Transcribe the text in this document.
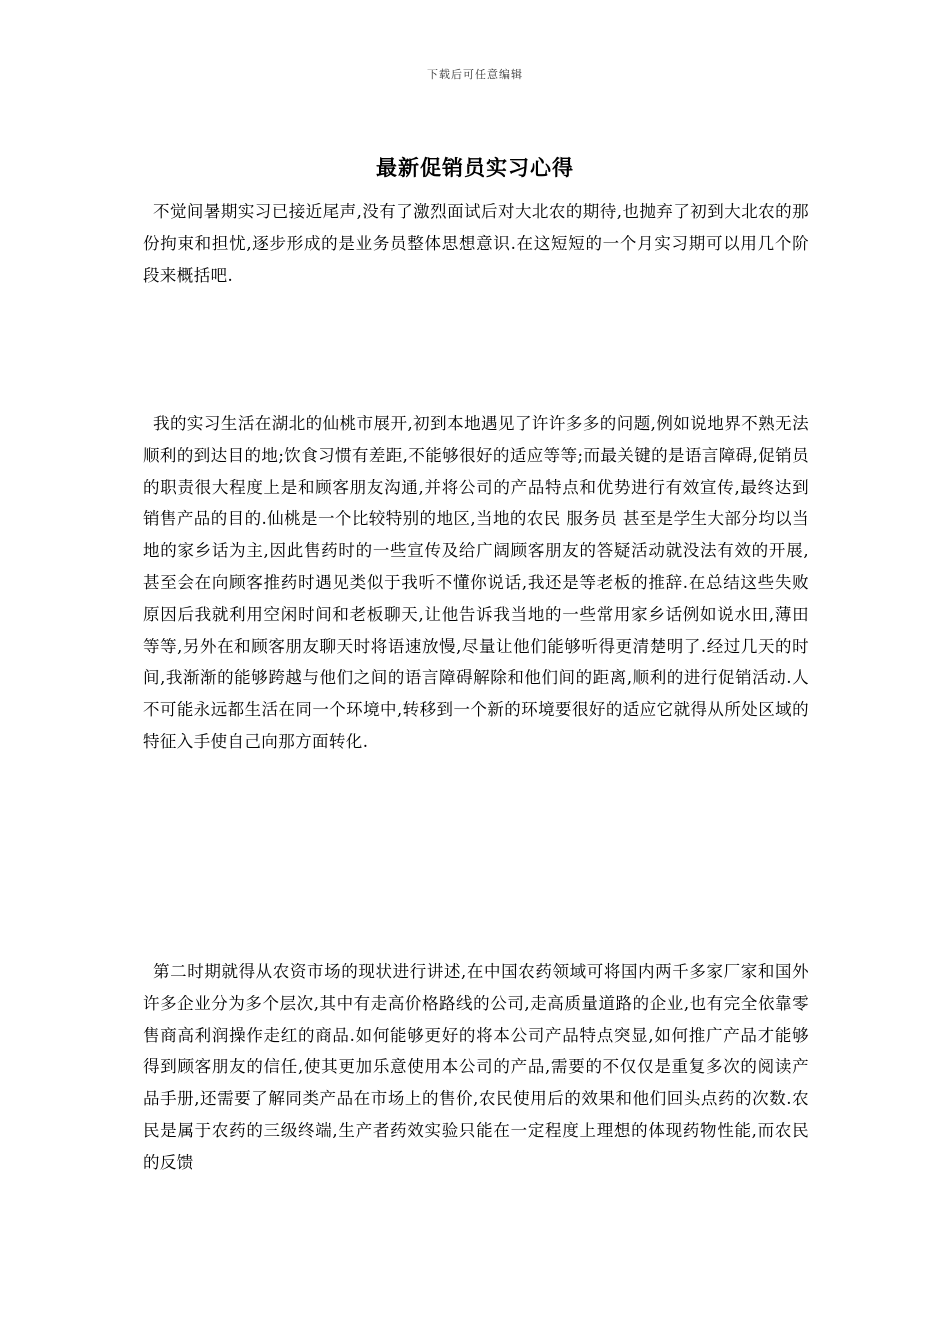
下载后可任意编辑
最新促销员实习心得

不觉间暑期实习已接近尾声,没有了激烈面试后对大北农的期待,也抛弃了初到大北农的那份拘束和担忧,逐步形成的是业务员整体思想意识.在这短短的一个月实习期可以用几个阶段来概括吧.

我的实习生活在湖北的仙桃市展开,初到本地遇见了许许多多的问题,例如说地界不熟无法顺利的到达目的地;饮食习惯有差距,不能够很好的适应等等;而最关键的是语言障碍,促销员的职责很大程度上是和顾客朋友沟通,并将公司的产品特点和优势进行有效宣传,最终达到销售产品的目的.仙桃是一个比较特别的地区,当地的农民 服务员 甚至是学生大部分均以当地的家乡话为主,因此售药时的一些宣传及给广阔顾客朋友的答疑活动就没法有效的开展,甚至会在向顾客推药时遇见类似于我听不懂你说话,我还是等老板的推辞.在总结这些失败原因后我就利用空闲时间和老板聊天,让他告诉我当地的一些常用家乡话例如说水田,薄田等等,另外在和顾客朋友聊天时将语速放慢,尽量让他们能够听得更清楚明了.经过几天的时间,我渐渐的能够跨越与他们之间的语言障碍解除和他们间的距离,顺利的进行促销活动.人不可能永远都生活在同一个环境中,转移到一个新的环境要很好的适应它就得从所处区域的特征入手使自己向那方面转化.

第二时期就得从农资市场的现状进行讲述,在中国农药领域可将国内两千多家厂家和国外许多企业分为多个层次,其中有走高价格路线的公司,走高质量道路的企业,也有完全依靠零售商高利润操作走红的商品.如何能够更好的将本公司产品特点突显,如何推广产品才能够得到顾客朋友的信任,使其更加乐意使用本公司的产品,需要的不仅仅是重复多次的阅读产品手册,还需要了解同类产品在市场上的售价,农民使用后的效果和他们回头点药的次数.农民是属于农药的三级终端,生产者药效实验只能在一定程度上理想的体现药物性能,而农民的反馈
